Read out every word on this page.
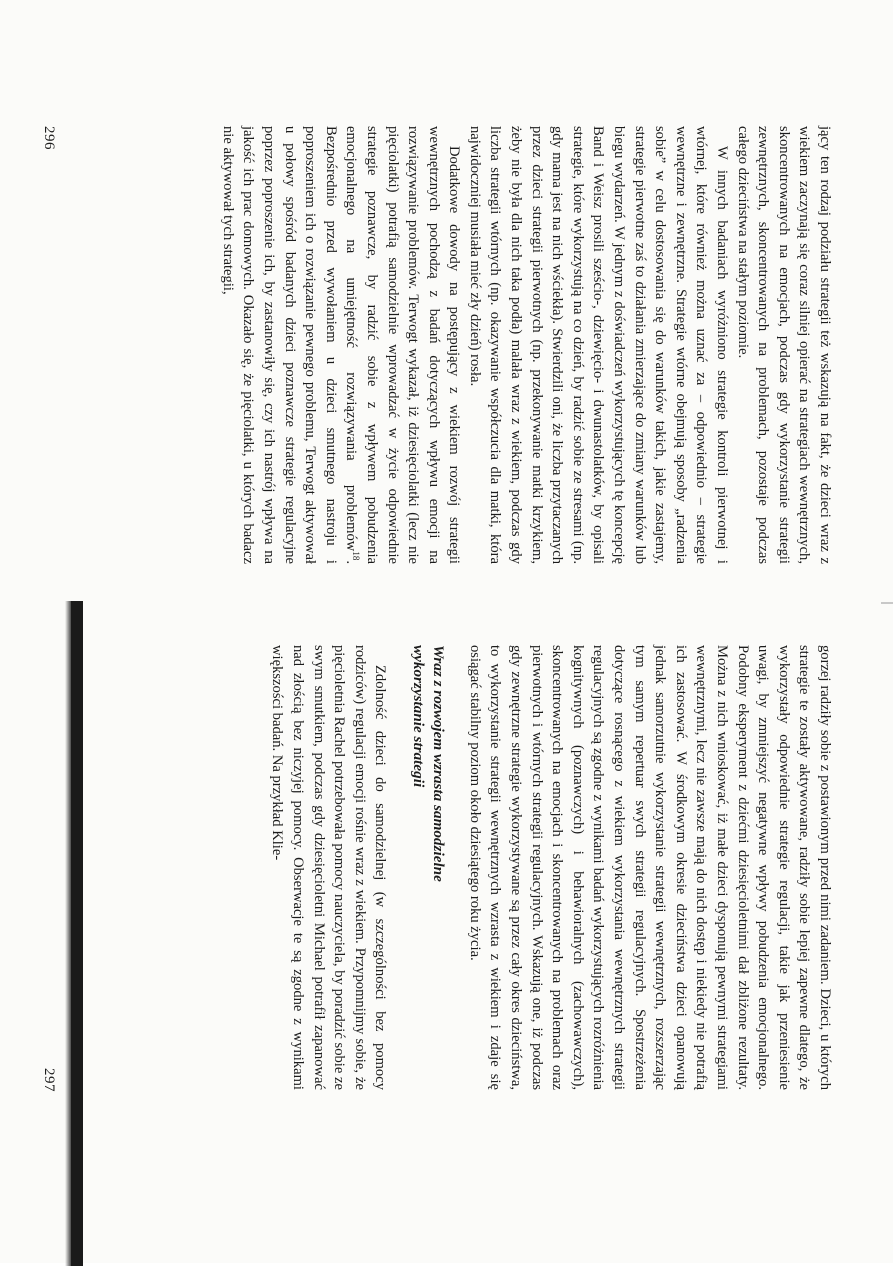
jący ten rodzaj podziału strategii też wskazują na fakt, że dzieci wraz z wiekiem zaczynają się coraz silniej opierać na strategiach wewnętrznych, skoncentrowanych na emocjach, podczas gdy wykorzystanie strategii zewnętrznych, skoncentrowanych na problemach, pozostaje podczas całego dzieciństwa na stałym poziomie.

W innych badaniach wyróżniono strategie kontroli pierwotnej i wtórnej, które również można uznać za – odpowiednio – strategie wewnętrzne i zewnętrzne. Strategie wtórne obejmują sposoby „radzenia sobie” w celu dostosowania się do warunków takich, jakie zastajemy, strategie pierwotne zaś to działania zmierzające do zmiany warunków lub biegu wydarzeń. W jednym z doświadczeń wykorzystujących tę koncepcję Band i Weisz prosili sześcio-, dziewięcio- i dwunastolatków, by opisali strategie, które wykorzystują na co dzień, by radzić sobie ze stresami (np. gdy mama jest na nich wściekła). Stwierdzili oni, że liczba przytaczanych przez dzieci strategii pierwotnych (np. przekonywanie matki krzykiem, żeby nie była dla nich taka podła) malała wraz z wiekiem, podczas gdy liczba strategii wtórnych (np. okazywanie współczucia dla matki, która najwidoczniej musiała mieć zły dzień) rosła.

Dodatkowe dowody na postępujący z wiekiem rozwój strategii wewnętrznych pochodzą z badań dotyczących wpływu emocji na rozwiązywanie problemów. Terwogt wykazał, iż dziesięciolatki (lecz nie pięciolatki) potrafią samodzielnie wprowadzać w życie odpowiednie strategie poznawcze, by radzić sobie z wpływem pobudzenia emocjonalnego na umiejętność rozwiązywania problemów$^{18}$. Bezpośrednio przed wywołaniem u dzieci smutnego nastroju i poproszeniem ich o rozwiązanie pewnego problemu, Terwogt aktywował u połowy spośród badanych dzieci poznawcze strategie regulacyjne poprzez poproszenie ich, by zastanowiły się, czy ich nastrój wpływa na jakość ich prac domowych. Okazało się, że pięciolatki, u których badacz nie aktywował tych strategii,

296

gorzej radziły sobie z postawionym przed nimi zadaniem. Dzieci, u których strategie te zostały aktywowane, radziły sobie lepiej zapewne dlatego, że wykorzystały odpowiednie strategie regulacji, takie jak przeniesienie uwagi, by zmniejszyć negatywne wpływy pobudzenia emocjonalnego. Podobny eksperyment z dziećmi dziesięcioletnimi dał zbliżone rezultaty. Można z nich wnioskować, iż małe dzieci dysponują pewnymi strategiami wewnętrznymi, lecz nie zawsze mają do nich dostęp i niekiedy nie potrafią ich zastosować. W środkowym okresie dzieciństwa dzieci opanowują jednak samorzutnie wykorzystanie strategii wewnętrznych, rozszerzając tym samym repertuar swych strategii regulacyjnych. Spostrzeżenia dotyczące rosnącego z wiekiem wykorzystania wewnętrznych strategii regulacyjnych są zgodne z wynikami badań wykorzystujących rozróżnienia kognitywnych (poznawczych) i behawioralnych (zachowawczych), skoncentrowanych na emocjach i skoncentrowanych na problemach oraz pierwotnych i wtórnych strategii regulacyjnych. Wskazują one, iż podczas gdy zewnętrzne strategie wykorzystywane są przez cały okres dzieciństwa, to wykorzystanie strategii wewnętrznych wzrasta z wiekiem i zdaje się osiągać stabilny poziom około dziesiątego roku życia.

Wraz z rozwojem wzrasta samodzielne
wykorzystanie strategii

Zdolność dzieci do samodzielnej (w szczególności bez pomocy rodziców) regulacji emocji rośnie wraz z wiekiem. Przypomnijmy sobie, że pięcioletnia Rachel potrzebowała pomocy nauczyciela, by poradzić sobie ze swym smutkiem, podczas gdy dziesięcioletni Michael potrafił zapanować nad złością bez niczyjej pomocy. Obserwacje te są zgodne z wynikami większości badań. Na przykład Klie-

297
